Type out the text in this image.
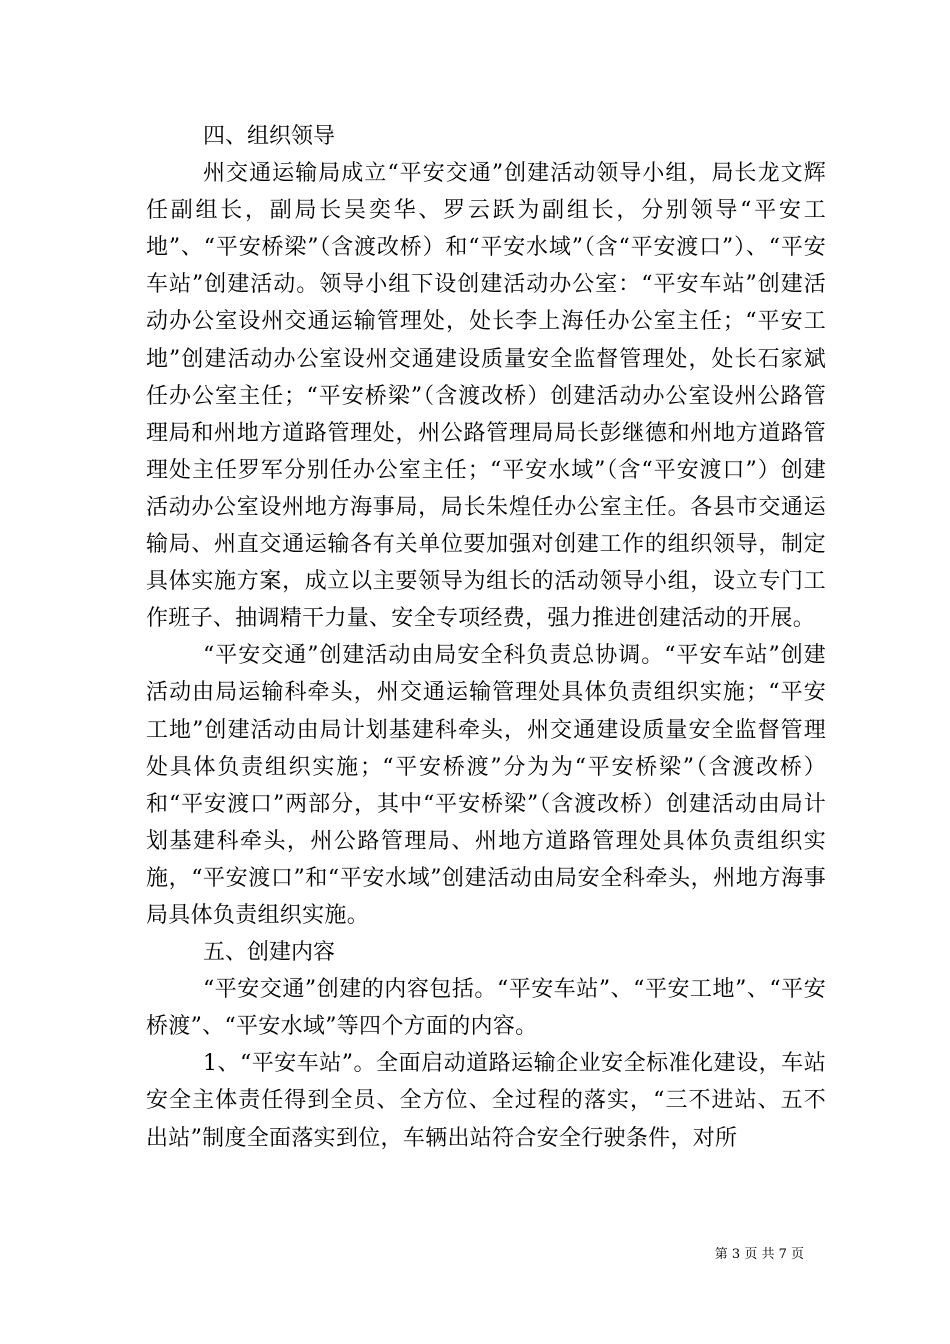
四、组织领导

州交通运输局成立“平安交通”创建活动领导小组，局长龙文辉任副组长，副局长吴奕华、罗云跃为副组长，分别领导“平安工地”、“平安桥梁”（含渡改桥）和“平安水域”（含“平安渡口”）、“平安车站”创建活动。领导小组下设创建活动办公室：“平安车站”创建活动办公室设州交通运输管理处，处长李上海任办公室主任；“平安工地”创建活动办公室设州交通建设质量安全监督管理处，处长石家斌任办公室主任；“平安桥梁”（含渡改桥）创建活动办公室设州公路管理局和州地方道路管理处，州公路管理局局长彭继德和州地方道路管理处主任罗军分别任办公室主任；“平安水域”（含“平安渡口”）创建活动办公室设州地方海事局，局长朱煌任办公室主任。各县市交通运输局、州直交通运输各有关单位要加强对创建工作的组织领导，制定具体实施方案，成立以主要领导为组长的活动领导小组，设立专门工作班子、抽调精干力量、安全专项经费，强力推进创建活动的开展。

“平安交通”创建活动由局安全科负责总协调。“平安车站”创建活动由局运输科牵头，州交通运输管理处具体负责组织实施；“平安工地”创建活动由局计划基建科牵头，州交通建设质量安全监督管理处具体负责组织实施；“平安桥渡”分为为“平安桥梁”（含渡改桥）和“平安渡口”两部分，其中“平安桥梁”（含渡改桥）创建活动由局计划基建科牵头，州公路管理局、州地方道路管理处具体负责组织实施，“平安渡口”和“平安水域”创建活动由局安全科牵头，州地方海事局具体负责组织实施。

五、创建内容

“平安交通”创建的内容包括。“平安车站”、“平安工地”、“平安桥渡”、“平安水域”等四个方面的内容。

1、“平安车站”。全面启动道路运输企业安全标准化建设，车站安全主体责任得到全员、全方位、全过程的落实，“三不进站、五不出站”制度全面落实到位，车辆出站符合安全行驶条件，对所

第 3 页 共 7 页
